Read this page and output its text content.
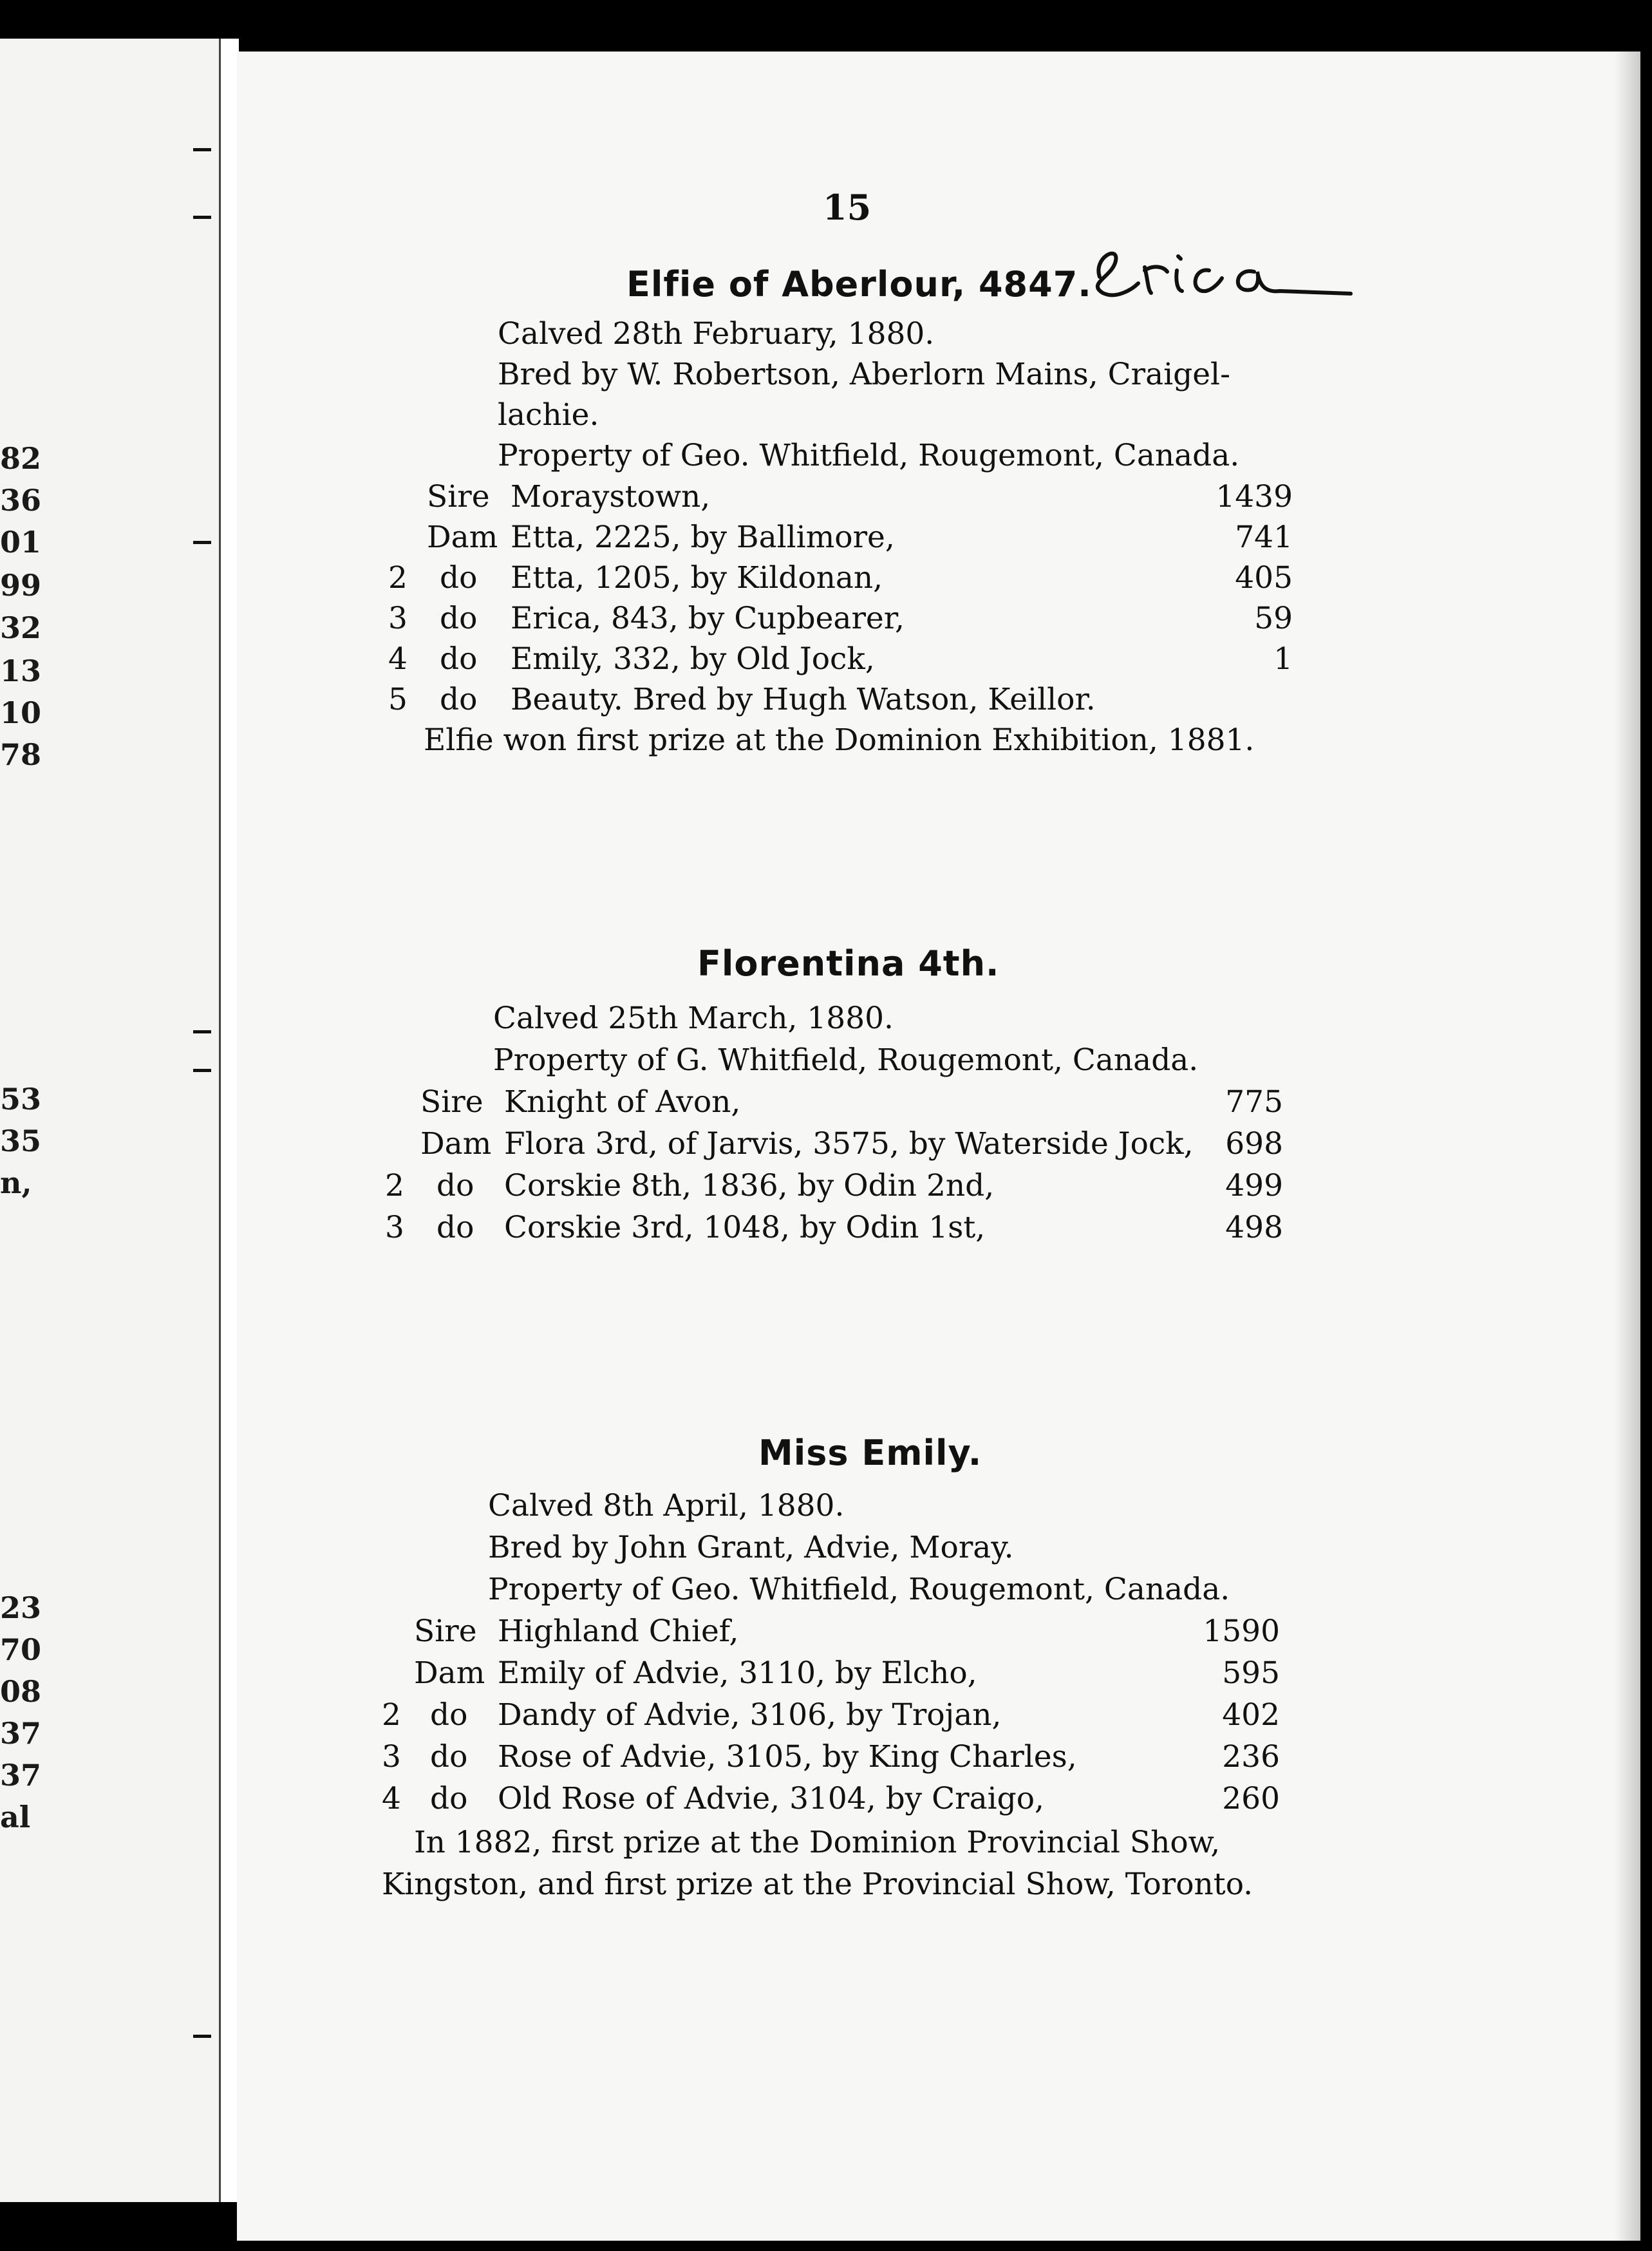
82
36
01
99
32
13
10
78
53
35
n,
23
70
08
37
37
al
15
Elfie of Aberlour, 4847.
Calved 28th February, 1880.
Bred by W. Robertson, Aberlorn Mains, Craigel-
lachie.
Property of Geo. Whitfield, Rougemont, Canada.
Sire Moraystown,	1439
Dam Etta, 2225, by Ballimore,	741
2 do Etta, 1205, by Kildonan,	405
3 do Erica, 843, by Cupbearer,	59
4 do Emily, 332, by Old Jock,	1
5 do Beauty. Bred by Hugh Watson, Keillor.
Elfie won first prize at the Dominion Exhibition, 1881.
Florentina 4th.
Calved 25th March, 1880.
Property of G. Whitfield, Rougemont, Canada.
Sire Knight of Avon,	775
Dam Flora 3rd, of Jarvis, 3575, by Waterside Jock,	698
2 do Corskie 8th, 1836, by Odin 2nd,	499
3 do Corskie 3rd, 1048, by Odin 1st,	498
Miss Emily.
Calved 8th April, 1880.
Bred by John Grant, Advie, Moray.
Property of Geo. Whitfield, Rougemont, Canada.
Sire Highland Chief,	1590
Dam Emily of Advie, 3110, by Elcho,	595
2 do Dandy of Advie, 3106, by Trojan,	402
3 do Rose of Advie, 3105, by King Charles,	236
4 do Old Rose of Advie, 3104, by Craigo,	260
In 1882, first prize at the Dominion Provincial Show,
Kingston, and first prize at the Provincial Show, Toronto.
